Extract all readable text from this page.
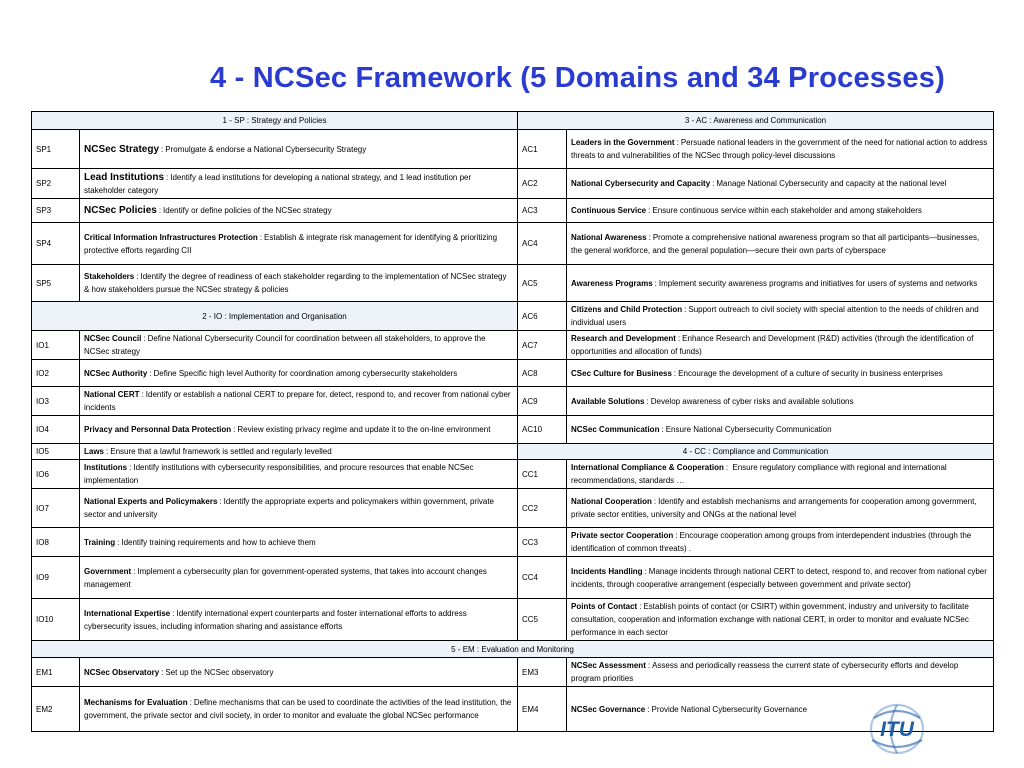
4 - NCSec Framework (5 Domains and 34 Processes)
1 - SP : Strategy and Policies		3 - AC : Awareness and Communication	
SP1	NCSec Strategy : Promulgate & endorse a National Cybersecurity Strategy	AC1	Leaders in the Government : Persuade national leaders in the government of the need for national action to address threats to and vulnerabilities of the NCSec through policy-level discussions
SP2	Lead Institutions : Identify a lead institutions for developing a national strategy, and 1 lead institution per stakeholder category	AC2	National Cybersecurity and Capacity : Manage National Cybersecurity and capacity at the national level
SP3	NCSec Policies : Identify or define policies of the NCSec strategy	AC3	Continuous Service : Ensure continuous service within each stakeholder and among stakeholders
SP4	Critical Information Infrastructures Protection : Establish & integrate risk management for identifying & prioritizing protective efforts regarding CII	AC4	National Awareness : Promote a comprehensive national awareness program so that all participants—businesses, the general workforce, and the general population—secure their own parts of cyberspace
SP5	Stakeholders : Identify the degree of readiness of each stakeholder regarding to the implementation of NCSec strategy & how stakeholders pursue the NCSec strategy & policies	AC5	Awareness Programs : Implement security awareness programs and initiatives for users of systems and networks
2 - IO : Implementation and Organisation		AC6	Citizens and Child Protection : Support outreach to civil society with special attention to the needs of children and individual users
IO1	NCSec Council : Define National Cybersecurity Council for coordination between all stakeholders, to approve the NCSec strategy	AC7	Research and Development : Enhance Research and Development (R&D) activities (through the identification of opportunities and allocation of funds)
IO2	NCSec Authority : Define Specific high level Authority for coordination among cybersecurity stakeholders	AC8	CSec Culture for Business : Encourage the development of a culture of security in business enterprises
IO3	National CERT : Identify or establish a national CERT to prepare for, detect, respond to, and recover from national cyber incidents	AC9	Available Solutions : Develop awareness of cyber risks and available solutions
IO4	Privacy and Personnal Data Protection : Review existing privacy regime and update it to the on-line environment	AC10	NCSec Communication : Ensure National Cybersecurity Communication
IO5	Laws : Ensure that a lawful framework is settled and regularly levelled	4 - CC : Compliance and Communication	
IO6	Institutions : Identify institutions with cybersecurity responsibilities, and procure resources that enable NCSec implementation	CC1	International Compliance & Cooperation : Ensure regulatory compliance with regional and international recommendations, standards …
IO7	National Experts and Policymakers : Identify the appropriate experts and policymakers within government, private sector and university	CC2	National Cooperation : Identify and establish mechanisms and arrangements for cooperation among government, private sector entities, university and ONGs at the national level
IO8	Training : Identify training requirements and how to achieve them	CC3	Private sector Cooperation : Encourage cooperation among groups from interdependent industries (through the identification of common threats) .
IO9	Government : Implement a cybersecurity plan for government-operated systems, that takes into account changes management	CC4	Incidents Handling : Manage incidents through national CERT to detect, respond to, and recover from national cyber incidents, through cooperative arrangement (especially between government and private sector)
IO10	International Expertise : Identify international expert counterparts and foster international efforts to address cybersecurity issues, including information sharing and assistance efforts	CC5	Points of Contact : Establish points of contact (or CSIRT) within government, industry and university to facilitate consultation, cooperation and information exchange with national CERT, in order to monitor and evaluate NCSec performance in each sector
5 - EM : Evaluation and Monitoring			
EM1	NCSec Observatory : Set up the NCSec observatory	EM3	NCSec Assessment : Assess and periodically reassess the current state of cybersecurity efforts and develop program priorities
EM2	Mechanisms for Evaluation : Define mechanisms that can be used to coordinate the activities of the lead institution, the government, the private sector and civil society, in order to monitor and evaluate the global NCSec performance	EM4	NCSec Governance : Provide National Cybersecurity Governance
ITU
